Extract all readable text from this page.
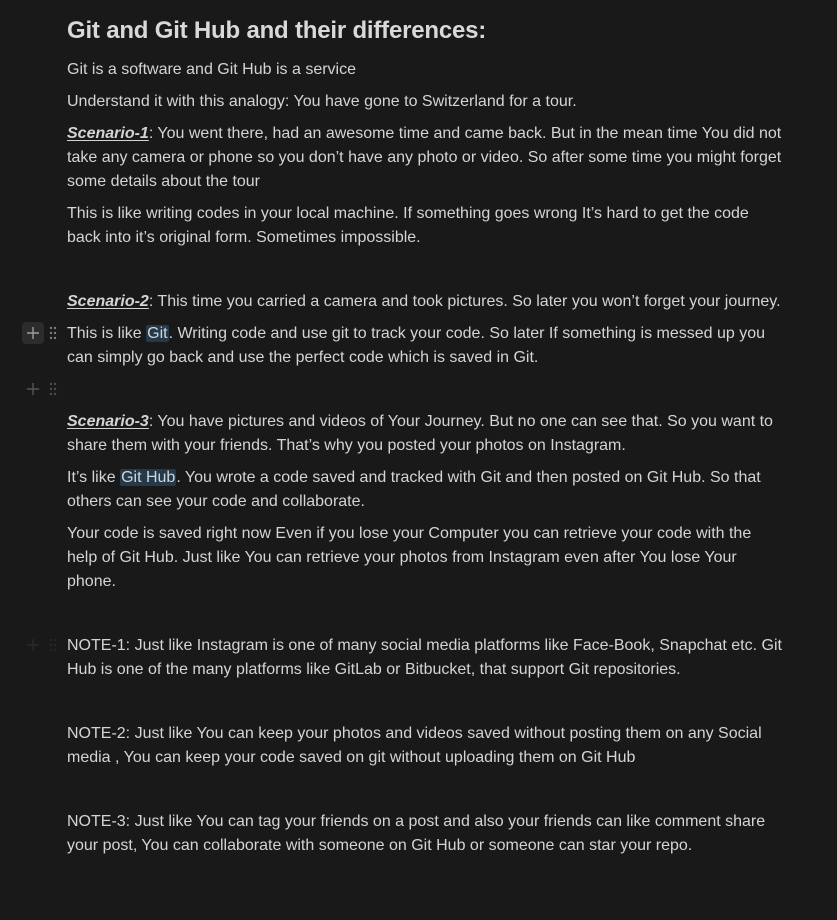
Git and Git Hub and their differences:
Git is a software and Git Hub is a service
Understand it with this analogy: You have gone to Switzerland for a tour.
Scenario-1: You went there, had an awesome time and came back. But in the mean time You did not take any camera or phone so you don’t have any photo or video. So after some time you might forget some details about the tour
This is like writing codes in your local machine. If something goes wrong It’s hard to get the code back into it’s original form. Sometimes impossible.
Scenario-2: This time you carried a camera and took pictures. So later you won’t forget your journey.
This is like Git. Writing code and use git to track your code. So later If something is messed up you can simply go back and use the perfect code which is saved in Git.
Scenario-3: You have pictures and videos of Your Journey. But no one can see that. So you want to share them with your friends. That’s why you posted your photos on Instagram.
It’s like Git Hub. You wrote a code saved and tracked with Git and then posted on Git Hub. So that others can see your code and collaborate.
Your code is saved right now Even if you lose your Computer you can retrieve your code with the help of Git Hub. Just like You can retrieve your photos from Instagram even after You lose Your phone.
NOTE-1: Just like Instagram is one of many social media platforms like Face-Book, Snapchat etc. Git Hub is one of the many platforms like GitLab or Bitbucket, that support Git repositories.
NOTE-2: Just like You can keep your photos and videos saved without posting them on any Social media , You can keep your code saved on git without uploading them on Git Hub
NOTE-3: Just like You can tag your friends on a post and also your friends can like comment share your post, You can collaborate with someone on Git Hub or someone can star your repo.
